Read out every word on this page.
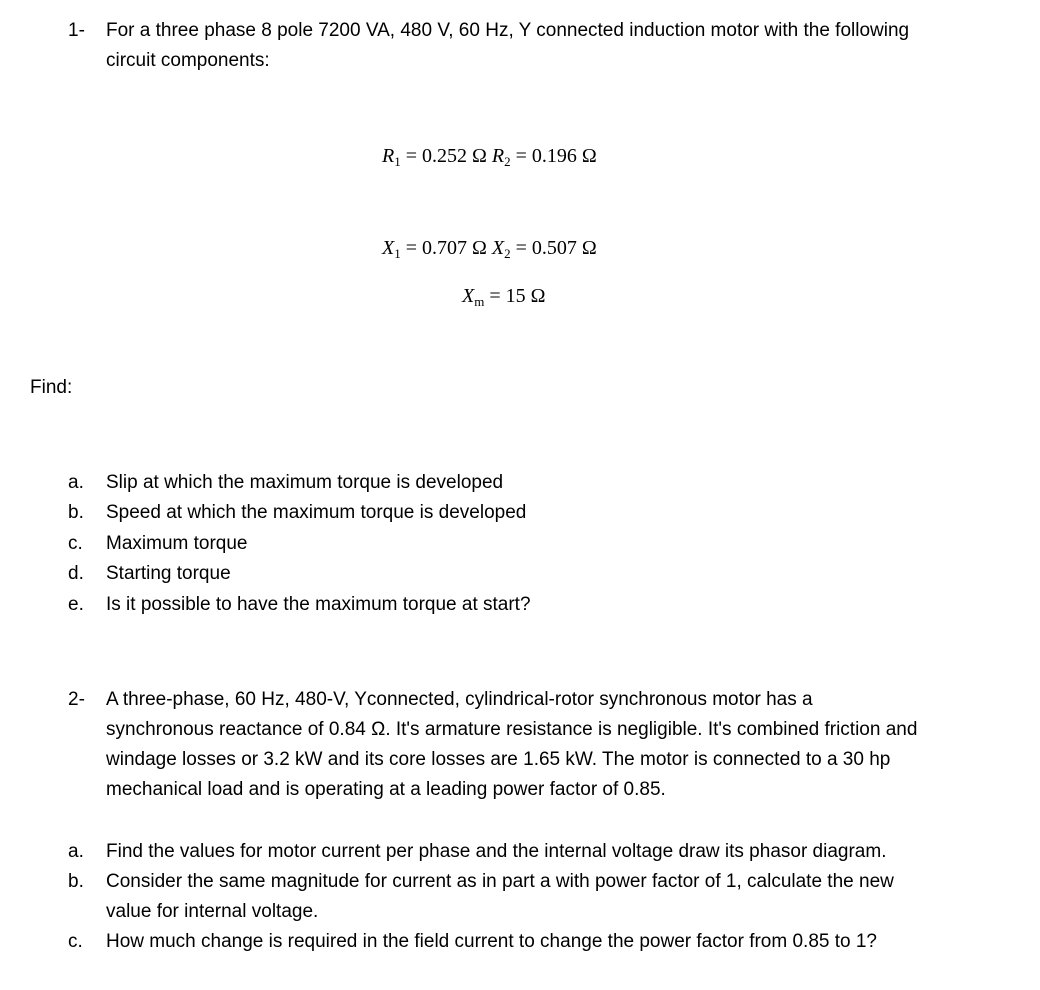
1-	For a three phase 8 pole 7200 VA, 480 V, 60 Hz, Y connected induction motor with the following
circuit components:
$R_1 = 0.252$ Ω $R_2 = 0.196$ Ω
$X_1 = 0.707$ Ω $X_2 = 0.507$ Ω
$X_m = 15$ Ω
Find:
a.	Slip at which the maximum torque is developed
b.	Speed at which the maximum torque is developed
c.	Maximum torque
d.	Starting torque
e.	Is it possible to have the maximum torque at start?
2-	A three-phase, 60 Hz, 480-V, Yconnected, cylindrical-rotor synchronous motor has a
synchronous reactance of 0.84 Ω. It's armature resistance is negligible. It's combined friction and
windage losses or 3.2 kW and its core losses are 1.65 kW. The motor is connected to a 30 hp
mechanical load and is operating at a leading power factor of 0.85.
a.	Find the values for motor current per phase and the internal voltage draw its phasor diagram.
b.	Consider the same magnitude for current as in part a with power factor of 1, calculate the new
value for internal voltage.
c.	How much change is required in the field current to change the power factor from 0.85 to 1?
